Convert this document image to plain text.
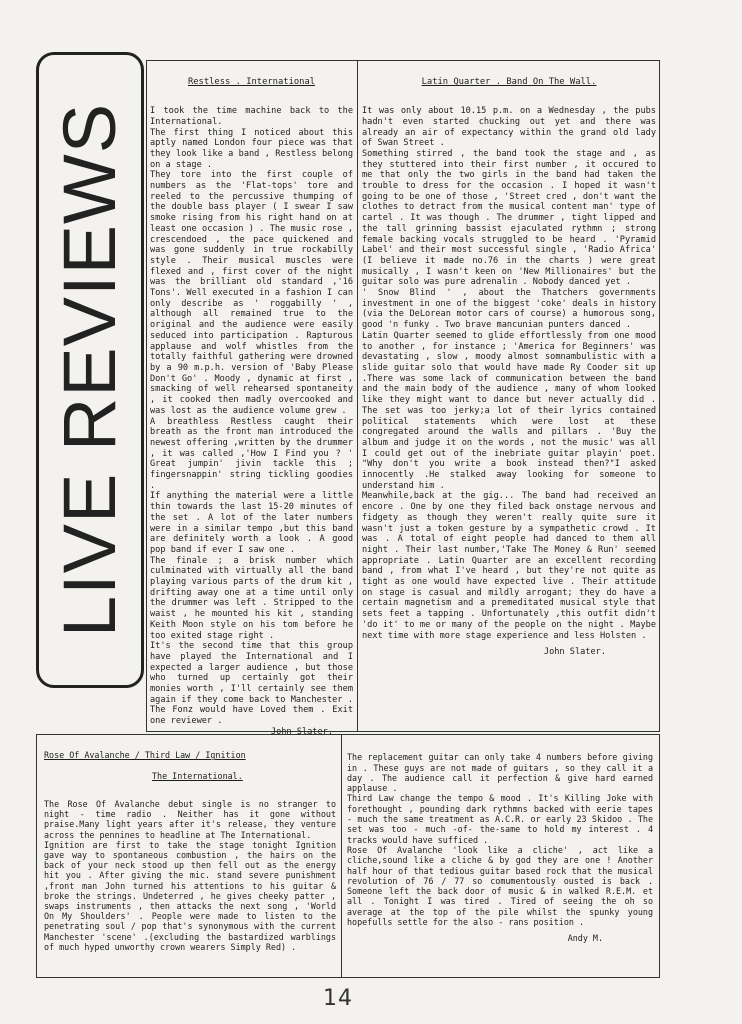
LIVE REVIEWS

Restless . International

I took the time machine back to the International.
The first thing I noticed about this aptly named London four piece was that they look like a band , Restless belong on a stage .
They tore into the first couple of numbers as the 'Flat-tops' tore and reeled to the percussive thumping of the double bass player ( I swear I saw smoke rising from his right hand on at least one occasion ) . The music rose , crescendoed , the pace quickened and was gone suddenly in true rockabilly style . Their musical muscles were flexed and , first cover of the night was the brilliant old standard ,'16 Tons'. Well executed in a fashion I can only describe as ' roggabilly ' , although all remained true to the original and the audience were easily seduced into participation . Rapturous applause and wolf whistles from the totally faithful gathering were drowned by a 90 m.p.h. version of 'Baby Please Don't Go' . Moody , dynamic at first , smacking of well rehearsed spontaneity , it cooked then madly overcooked and was lost as the audience volume grew .
A breathless Restless caught their breath as the front man introduced the newest offering ,written by the drummer , it was called ,'How I Find you ? ' Great jumpin' jivin tackle this ; fingersnappin' string tickling goodies .
If anything the material were a little thin towards the last 15-20 minutes of the set . A lot of the later numbers were in a similar tempo ,but this band are definitely worth a look . A good pop band if ever I saw one .
The finale ; a brisk number which culminated with virtually all the band playing various parts of the drum kit , drifting away one at a time until only the drummer was left . Stripped to the waist , he mounted his kit , standing Keith Moon style on his tom before he too exited stage right .
It's the second time that this group have played the International and I expected a larger audience , but those who turned up certainly got their monies worth , I'll certainly see them again if they come back to Manchester . The Fonz would have Loved them . Exit one reviewer .

John Slater.

Latin Quarter . Band On The Wall.

It was only about 10.15 p.m. on a Wednesday , the pubs hadn't even started chucking out yet and there was already an air of expectancy within the grand old lady of Swan Street .
Something stirred , the band took the stage and , as they stuttered into their first number , it occured to me that only the two girls in the band had taken the trouble to dress for the occasion . I hoped it wasn't going to be one of those , 'Street cred , don't want the clothes to detract from the musical content man' type of cartel . It was though . The drummer , tight lipped and the tall grinning bassist ejaculated rythmn ; strong female backing vocals struggled to be heard . 'Pyramid Label' and their most successful single , 'Radio Africa' (I believe it made no.76 in the charts ) were great musically , I wasn't keen on 'New Millionaires' but the guitar solo was pure adrenalin . Nobody danced yet .
' Snow Blind ' , about the Thatchers governments investment in one of the biggest 'coke' deals in history (via the DeLorean motor cars of course) a humorous song, good 'n funky . Two brave mancunian punters danced .
Latin Quarter seemed to glide effortlessly from one mood to another , for instance ; 'America for Beginners' was devastating , slow , moody almost somnambulistic with a slide guitar solo that would have made Ry Cooder sit up .There was some lack of communication between the band and the main body of the audience , many of whom looked like they might want to dance but never actually did . The set was too jerky;a lot of their lyrics contained political statements which were lost at these congregated around the walls and pillars . 'Buy the album and judge it on the words , not the music' was all I could get out of the inebriate guitar playin' poet. "Why don't you write a book instead then?"I asked innocently .He stalked away looking for someone to understand him .
Meanwhile,back at the gig... The band had received an encore . One by one they filed back onstage nervous and fidgety as though they weren't really quite sure it wasn't just a token gesture by a sympathetic crowd . It was . A total of eight people had danced to them all night . Their last number,'Take The Money & Run' seemed appropriate . Latin Quarter are an excellent recording band , from what I've heard , but they're not quite as tight as one would have expected live . Their attitude on stage is casual and mildly arrogant; they do have a certain magnetism and a premeditated musical style that sets feet a tapping . Unfortunately ,this outfit didn't 'do it' to me or many of the people on the night . Maybe next time with more stage experience and less Holsten .

John Slater.

Rose Of Avalanche / Third Law / Ignition

The International.

The Rose Of Avalanche debut single is no stranger to night - time radio . Neither has it gone without praise.Many light years after it's release, they venture across the pennines to headline at The International.
Ignition are first to take the stage tonight Ignition gave way to spontaneous combustion , the hairs on the back of your neck stood up then fell out as the energy hit you . After giving the mic. stand severe punishment ,front man John turned his attentions to his guitar & broke the strings. Undeterred , he gives cheeky patter , swaps instruments , then attacks the next song , 'World On My Shoulders' . People were made to listen to the penetrating soul / pop that's synonymous with the current Manchester 'scene' .(excluding the bastardized warblings of much hyped unworthy crown wearers Simply Red) .

The replacement guitar can only take 4 numbers before giving in . These guys are not made of guitars , so they call it a day . The audience call it perfection & give hard earned applause .
Third Law change the tempo & mood . It's Killing Joke with forethought , pounding dark rythmns backed with eerie tapes - much the same treatment as A.C.R. or early 23 Skidoo . The set was too - much -of- the-same to hold my interest . 4 tracks would have sufficed .
Rose Of Avalanche 'look like a cliche' , act like a cliche,sound like a cliche & by god they are one ! Another half hour of that tedious guitar based rock that the musical revolution of 76 / 77 so comumentously ousted is back . Someone left the back door of music & in walked R.E.M. et all . Tonight I was tired . Tired of seeing the oh so average at the top of the pile whilst the spunky young hopefulls settle for the also - rans position .

Andy M.

14
